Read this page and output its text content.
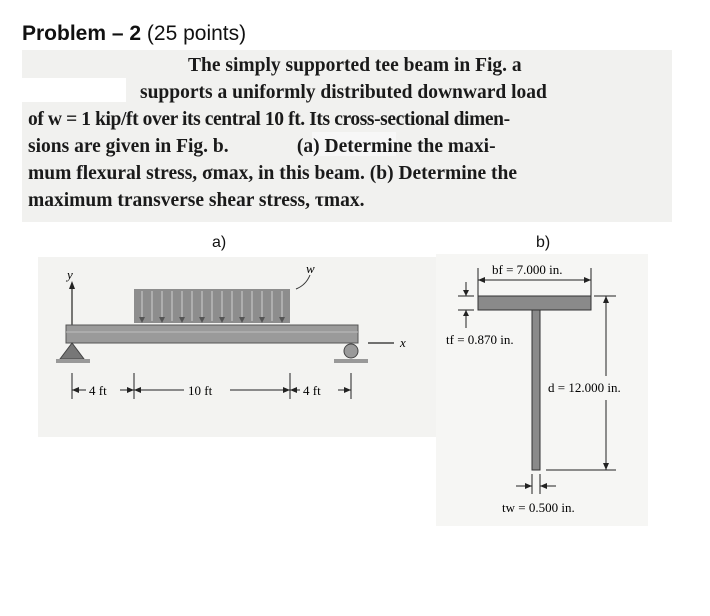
Problem – 2 (25 points)
The simply supported tee beam in Fig. a
supports a uniformly distributed downward load
of w = 1 kip/ft over its central 10 ft. Its cross-sectional dimen-
sions are given in Fig. b.              (a) Determine the maxi-
mum flexural stress, σmax, in this beam. (b) Determine the
maximum transverse shear stress, τmax.
a)	b)
y	w
x
4 ft	10 ft	4 ft
bf = 7.000 in.
tf = 0.870 in.
d = 12.000 in.
tw = 0.500 in.
